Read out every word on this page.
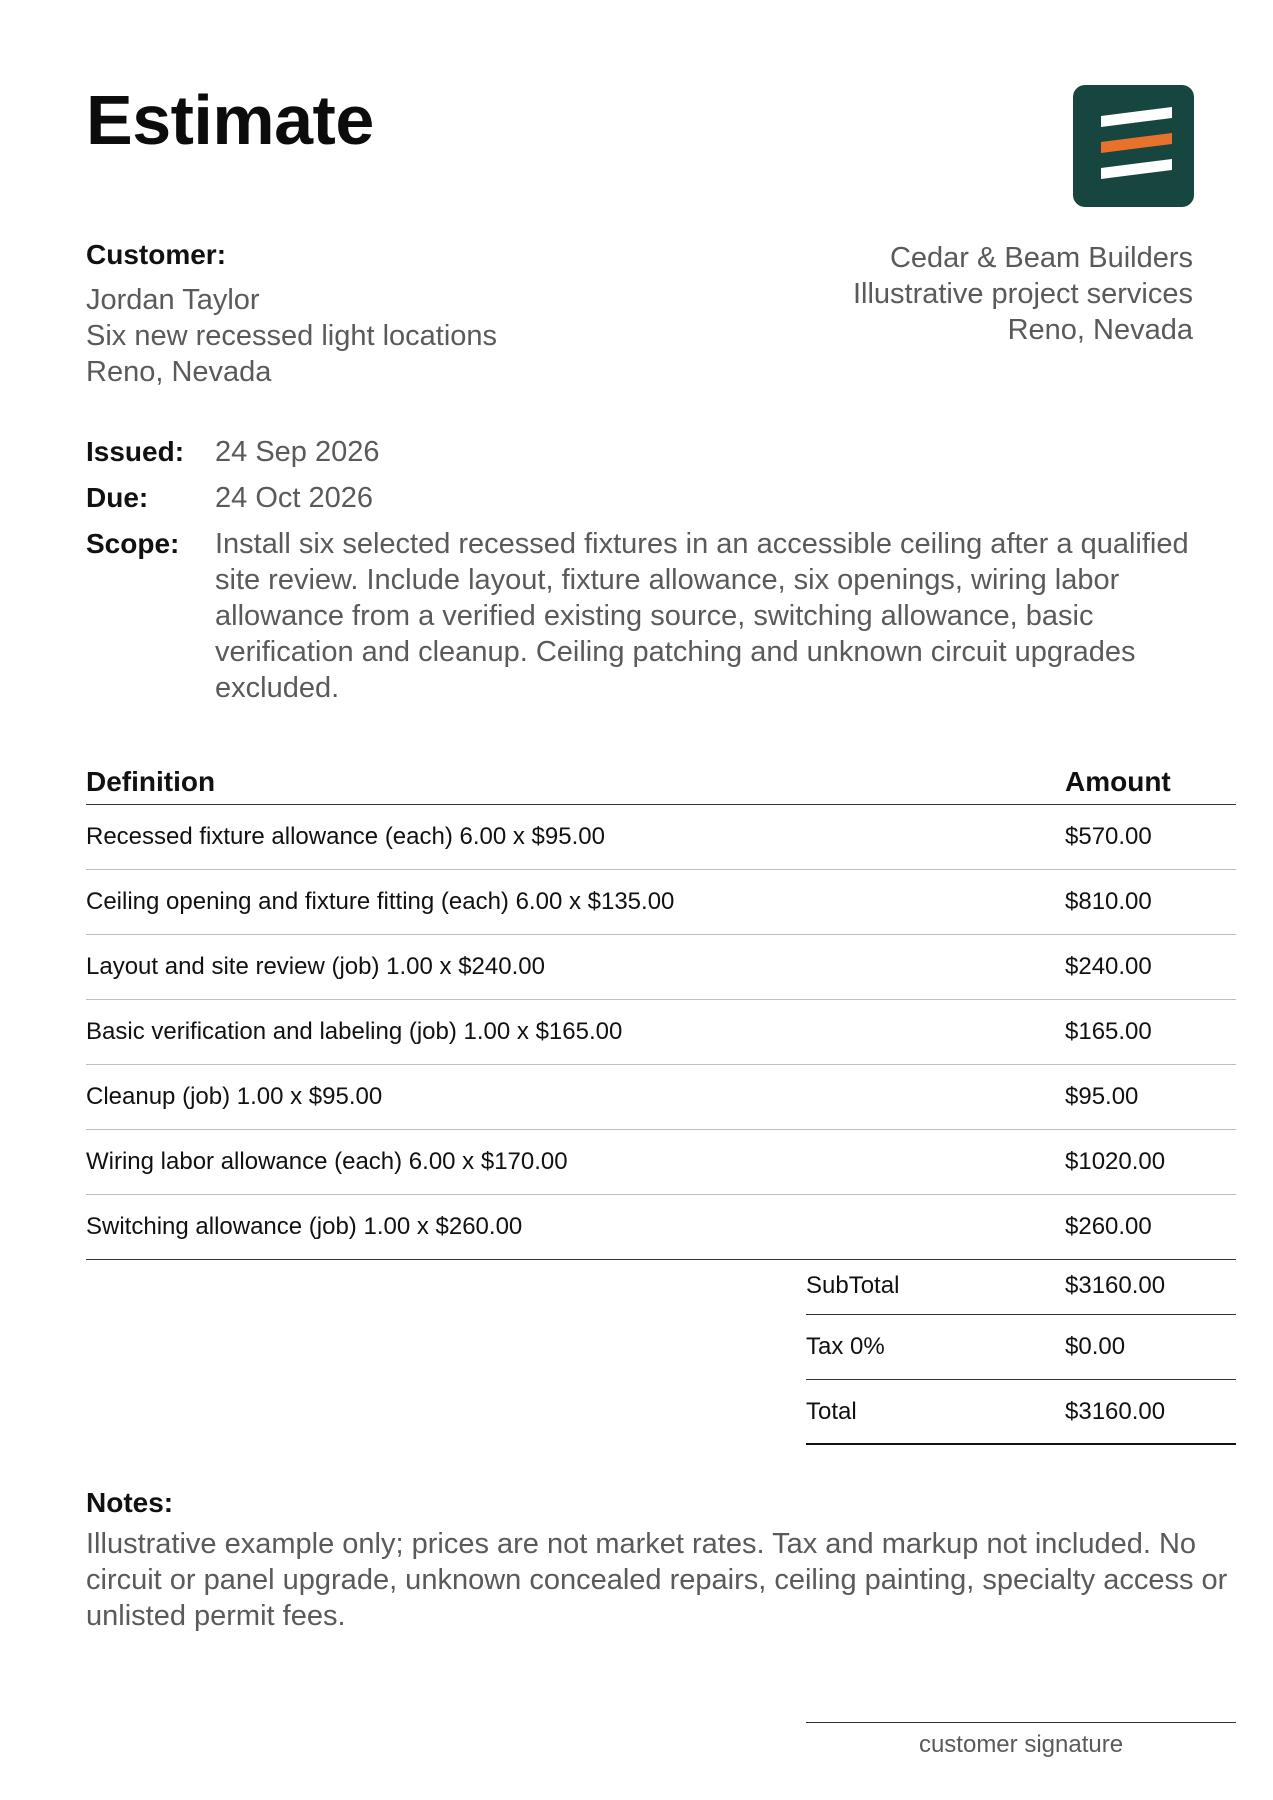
Estimate
Customer:
Jordan Taylor
Six new recessed light locations
Reno, Nevada
Cedar & Beam Builders
Illustrative project services
Reno, Nevada
Issued:	24 Sep 2026
Due:	24 Oct 2026
Scope:	Install six selected recessed fixtures in an accessible ceiling after a qualified site review. Include layout, fixture allowance, six openings, wiring labor allowance from a verified existing source, switching allowance, basic verification and cleanup. Ceiling patching and unknown circuit upgrades excluded.
Definition	Amount
Recessed fixture allowance (each) 6.00 x $95.00	$570.00
Ceiling opening and fixture fitting (each) 6.00 x $135.00	$810.00
Layout and site review (job) 1.00 x $240.00	$240.00
Basic verification and labeling (job) 1.00 x $165.00	$165.00
Cleanup (job) 1.00 x $95.00	$95.00
Wiring labor allowance (each) 6.00 x $170.00	$1020.00
Switching allowance (job) 1.00 x $260.00	$260.00
SubTotal	$3160.00
Tax 0%	$0.00
Total	$3160.00
Notes:
Illustrative example only; prices are not market rates. Tax and markup not included. No circuit or panel upgrade, unknown concealed repairs, ceiling painting, specialty access or unlisted permit fees.
customer signature
